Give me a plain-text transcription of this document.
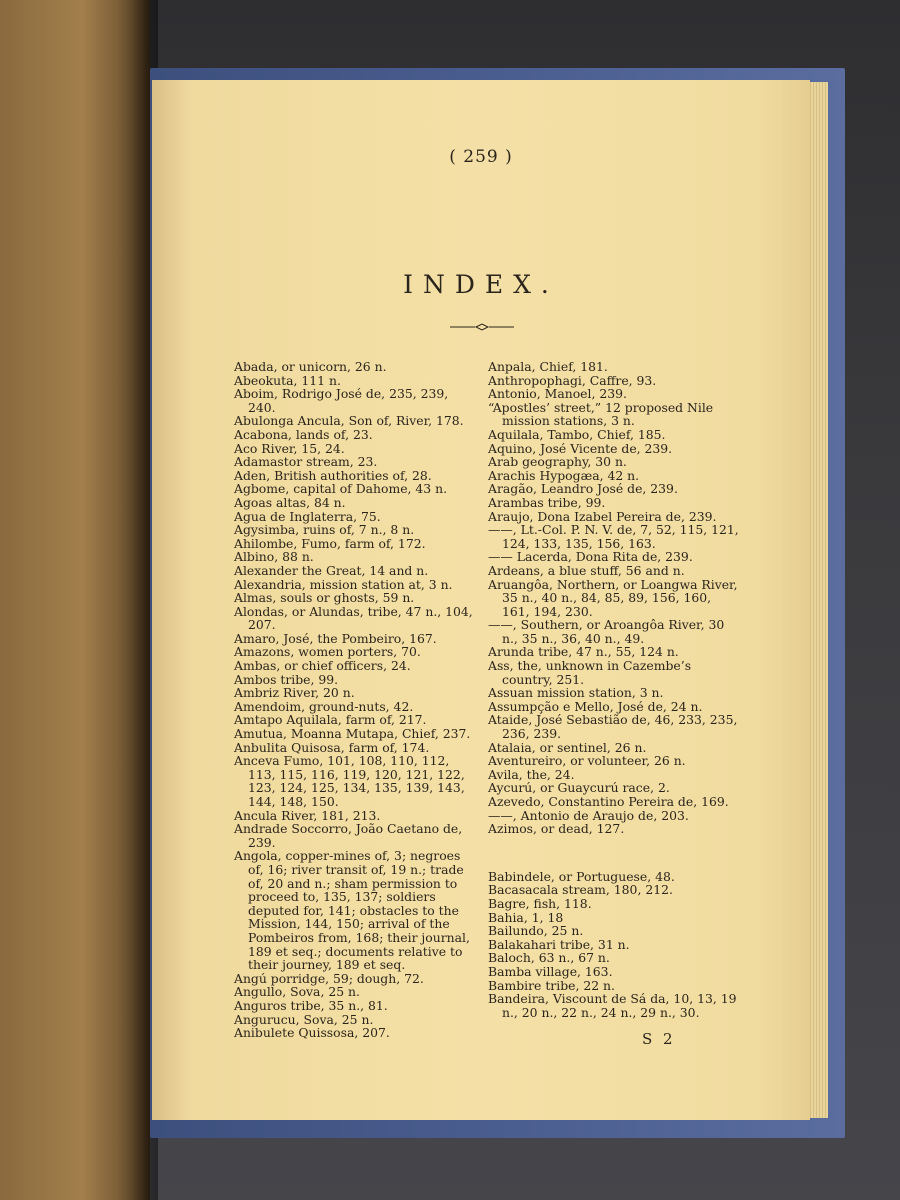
( 259 )
INDEX.

Abada, or unicorn, 26 n.

Abeokuta, 111 n.

Aboim, Rodrigo José de, 235, 239, 240.

Abulonga Ancula, Son of, River, 178.

Acabona, lands of, 23.

Aco River, 15, 24.

Adamastor stream, 23.

Aden, British authorities of, 28.

Agbome, capital of Dahome, 43 n.

Agoas altas, 84 n.

Agua de Inglaterra, 75.

Agysimba, ruins of, 7 n., 8 n.

Ahilombe, Fumo, farm of, 172.

Albino, 88 n.

Alexander the Great, 14 and n.

Alexandria, mission station at, 3 n.

Almas, souls or ghosts, 59 n.

Alondas, or Alundas, tribe, 47 n., 104, 207.

Amaro, José, the Pombeiro, 167.

Amazons, women porters, 70.

Ambas, or chief officers, 24.

Ambos tribe, 99.

Ambriz River, 20 n.

Amendoim, ground-nuts, 42.

Amtapo Aquilala, farm of, 217.

Amutua, Moanna Mutapa, Chief, 237.

Anbulita Quisosa, farm of, 174.

Anceva Fumo, 101, 108, 110, 112, 113, 115, 116, 119, 120, 121, 122, 123, 124, 125, 134, 135, 139, 143, 144, 148, 150.

Ancula River, 181, 213.

Andrade Soccorro, João Caetano de, 239.

Angola, copper-mines of, 3; negroes of, 16; river transit of, 19 n.; trade of, 20 and n.; sham permission to proceed to, 135, 137; soldiers deputed for, 141; obstacles to the Mission, 144, 150; arrival of the Pombeiros from, 168; their journal, 189 et seq.; documents relative to their journey, 189 et seq.

Angú porridge, 59; dough, 72.

Angullo, Sova, 25 n.

Anguros tribe, 35 n., 81.

Angurucu, Sova, 25 n.

Anibulete Quissosa, 207.

Anpala, Chief, 181.

Anthropophagi, Caffre, 93.

Antonio, Manoel, 239.

“Apostles’ street,” 12 proposed Nile mission stations, 3 n.

Aquilala, Tambo, Chief, 185.

Aquino, José Vicente de, 239.

Arab geography, 30 n.

Arachis Hypogæa, 42 n.

Aragão, Leandro José de, 239.

Arambas tribe, 99.

Araujo, Dona Izabel Pereira de, 239.

——, Lt.-Col. P. N. V. de, 7, 52, 115, 121, 124, 133, 135, 156, 163.

—— Lacerda, Dona Rita de, 239.

Ardeans, a blue stuff, 56 and n.

Aruangôa, Northern, or Loangwa River, 35 n., 40 n., 84, 85, 89, 156, 160, 161, 194, 230.

——, Southern, or Aroangôa River, 30 n., 35 n., 36, 40 n., 49.

Arunda tribe, 47 n., 55, 124 n.

Ass, the, unknown in Cazembe’s country, 251.

Assuan mission station, 3 n.

Assumpção e Mello, José de, 24 n.

Ataide, José Sebastião de, 46, 233, 235, 236, 239.

Atalaia, or sentinel, 26 n.

Aventureiro, or volunteer, 26 n.

Avila, the, 24.

Aycurú, or Guaycurú race, 2.

Azevedo, Constantino Pereira de, 169.

——, Antonio de Araujo de, 203.

Azimos, or dead, 127.

Babindele, or Portuguese, 48.

Bacasacala stream, 180, 212.

Bagre, fish, 118.

Bahia, 1, 18

Bailundo, 25 n.

Balakahari tribe, 31 n.

Baloch, 63 n., 67 n.

Bamba village, 163.

Bambire tribe, 22 n.

Bandeira, Viscount de Sá da, 10, 13, 19 n., 20 n., 22 n., 24 n., 29 n., 30.

S 2
